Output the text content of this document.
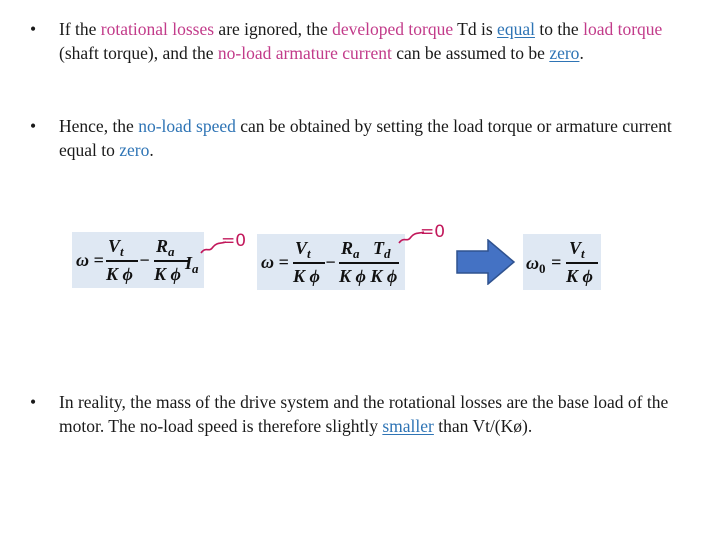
• If the rotational losses are ignored, the developed torque Td is equal to the load torque (shaft torque), and the no-load armature current can be assumed to be zero.
• Hence, the no-load speed can be obtained by setting the load torque or armature current equal to zero.
ω =
$V_t$
K ϕ
−
$R_a$
K ϕ
$I_a$
=0
ω =
$V_t$
K ϕ
−
$R_a$ $T_d$
K ϕ K ϕ
=0
$\omega_0$ =
$V_t$
K ϕ
• In reality, the mass of the drive system and the rotational losses are the base load of the motor. The no-load speed is therefore slightly smaller than Vt/(Kø).
